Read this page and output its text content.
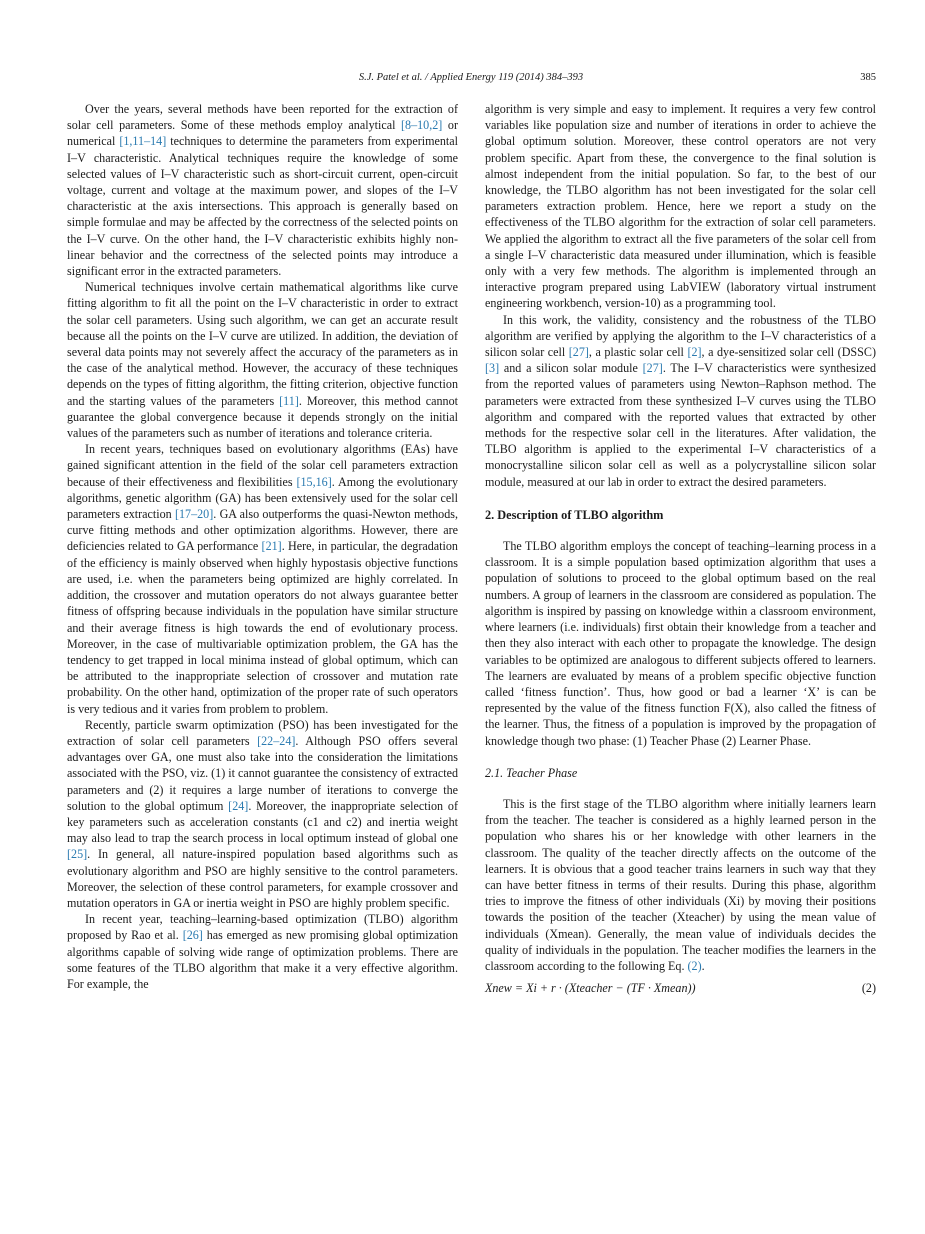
S.J. Patel et al. / Applied Energy 119 (2014) 384–393	385

Over the years, several methods have been reported for the extraction of solar cell parameters. Some of these methods employ analytical [8–10,2] or numerical [1,11–14] techniques to determine the parameters from experimental I–V characteristic. Analytical techniques require the knowledge of some selected values of I–V characteristic such as short-circuit current, open-circuit voltage, current and voltage at the maximum power, and slopes of the I–V characteristic at the axis intersections. This approach is generally based on simple formulae and may be affected by the correctness of the selected points on the I–V curve. On the other hand, the I–V characteristic exhibits highly non-linear behavior and the correctness of the selected points may introduce a significant error in the extracted parameters.

Numerical techniques involve certain mathematical algorithms like curve fitting algorithm to fit all the point on the I–V characteristic in order to extract the solar cell parameters. Using such algorithm, we can get an accurate result because all the points on the I–V curve are utilized. In addition, the deviation of several data points may not severely affect the accuracy of the parameters as in the case of the analytical method. However, the accuracy of these techniques depends on the types of fitting algorithm, the fitting criterion, objective function and the starting values of the parameters [11]. Moreover, this method cannot guarantee the global convergence because it depends strongly on the initial values of the parameters such as number of iterations and tolerance criteria.

In recent years, techniques based on evolutionary algorithms (EAs) have gained significant attention in the field of the solar cell parameters extraction because of their effectiveness and flexibilities [15,16]. Among the evolutionary algorithms, genetic algorithm (GA) has been extensively used for the solar cell parameters extraction [17–20]. GA also outperforms the quasi-Newton methods, curve fitting methods and other optimization algorithms. However, there are deficiencies related to GA performance [21]. Here, in particular, the degradation of the efficiency is mainly observed when highly hypostasis objective functions are used, i.e. when the parameters being optimized are highly correlated. In addition, the crossover and mutation operators do not always guarantee better fitness of offspring because individuals in the population have similar structure and their average fitness is high towards the end of evolutionary process. Moreover, in the case of multivariable optimization problem, the GA has the tendency to get trapped in local minima instead of global optimum, which can be attributed to the inappropriate selection of crossover and mutation rate probability. On the other hand, optimization of the proper rate of such operators is very tedious and it varies from problem to problem.

Recently, particle swarm optimization (PSO) has been investigated for the extraction of solar cell parameters [22–24]. Although PSO offers several advantages over GA, one must also take into the consideration the limitations associated with the PSO, viz. (1) it cannot guarantee the consistency of extracted parameters and (2) it requires a large number of iterations to converge the solution to the global optimum [24]. Moreover, the inappropriate selection of key parameters such as acceleration constants (c1 and c2) and inertia weight may also lead to trap the search process in local optimum instead of global one [25]. In general, all nature-inspired population based algorithms such as evolutionary algorithm and PSO are highly sensitive to the control parameters. Moreover, the selection of these control parameters, for example crossover and mutation operators in GA or inertia weight in PSO are highly problem specific.

In recent year, teaching–learning-based optimization (TLBO) algorithm proposed by Rao et al. [26] has emerged as new promising global optimization algorithms capable of solving wide range of optimization problems. There are some features of the TLBO algorithm that make it a very effective algorithm. For example, the

algorithm is very simple and easy to implement. It requires a very few control variables like population size and number of iterations in order to achieve the global optimum solution. Moreover, these control operators are not very problem specific. Apart from these, the convergence to the final solution is almost independent from the initial population. So far, to the best of our knowledge, the TLBO algorithm has not been investigated for the solar cell parameters extraction problem. Hence, here we report a study on the effectiveness of the TLBO algorithm for the extraction of solar cell parameters. We applied the algorithm to extract all the five parameters of the solar cell from a single I–V characteristic data measured under illumination, which is feasible only with a very few methods. The algorithm is implemented through an interactive program prepared using LabVIEW (laboratory virtual instrument engineering workbench, version-10) as a programming tool.

In this work, the validity, consistency and the robustness of the TLBO algorithm are verified by applying the algorithm to the I–V characteristics of a silicon solar cell [27], a plastic solar cell [2], a dye-sensitized solar cell (DSSC) [3] and a silicon solar module [27]. The I–V characteristics were synthesized from the reported values of parameters using Newton–Raphson method. The parameters were extracted from these synthesized I–V curves using the TLBO algorithm and compared with the reported values that extracted by other methods for the respective solar cell in the literatures. After validation, the TLBO algorithm is applied to the experimental I–V characteristics of a monocrystalline silicon solar cell as well as a polycrystalline silicon solar module, measured at our lab in order to extract the desired parameters.

2. Description of TLBO algorithm

The TLBO algorithm employs the concept of teaching–learning process in a classroom. It is a simple population based optimization algorithm that uses a population of solutions to proceed to the global optimum based on the real numbers. A group of learners in the classroom are considered as population. The algorithm is inspired by passing on knowledge within a classroom environment, where learners (i.e. individuals) first obtain their knowledge from a teacher and then they also interact with each other to propagate the knowledge. The design variables to be optimized are analogous to different subjects offered to learners. The learners are evaluated by means of a problem specific objective function called ‘fitness function’. Thus, how good or bad a learner ‘X’ is can be represented by the value of the fitness function F(X), also called the fitness of the learner. Thus, the fitness of a population is improved by the propagation of knowledge though two phase: (1) Teacher Phase (2) Learner Phase.

2.1. Teacher Phase

This is the first stage of the TLBO algorithm where initially learners learn from the teacher. The teacher is considered as a highly learned person in the population who shares his or her knowledge with other learners in the classroom. The quality of the teacher directly affects on the outcome of the learners. It is obvious that a good teacher trains learners in such way that they can have better fitness in terms of their results. During this phase, algorithm tries to improve the fitness of other individuals (Xi) by moving their positions towards the position of the teacher (Xteacher) by using the mean value of individuals (Xmean). Generally, the mean value of individuals decides the quality of individuals in the population. The teacher modifies the learners in the classroom according to the following Eq. (2).

Xnew = Xi + r · (Xteacher − (TF · Xmean))	(2)
